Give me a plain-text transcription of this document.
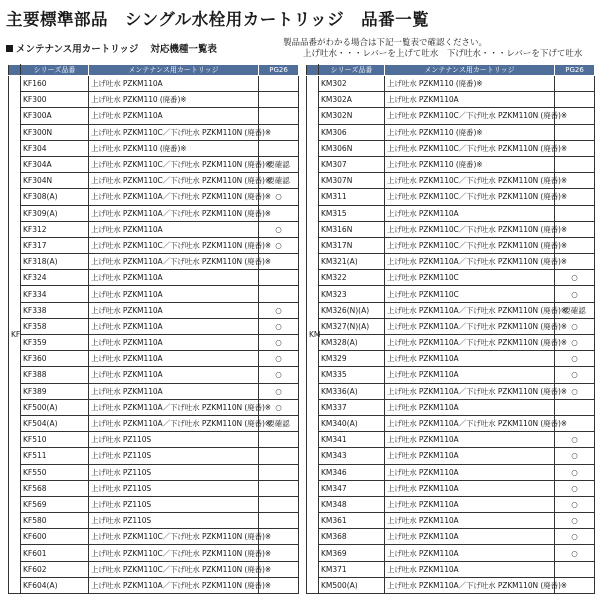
主要標準部品　シングル水栓用カートリッジ　品番一覧
メンテナンス用カートリッジ 対応機種一覧表
製品品番がわかる場合は下記一覧表で確認ください。
上げ吐水・・・レバーを上げて吐水　下げ吐水・・・レバーを下げて吐水
	シリーズ品番	メンテナンス用カートリッジ	PG26
KF	KF160	上げ吐水 PZKM110A	
	KF300	上げ吐水 PZKM110 (廃番)※	
	KF300A	上げ吐水 PZKM110A	
	KF300N	上げ吐水 PZKM110C／下げ吐水 PZKM110N (廃番)※	
	KF304	上げ吐水 PZKM110 (廃番)※	
	KF304A	上げ吐水 PZKM110C／下げ吐水 PZKM110N (廃番)※	要確認
	KF304N	上げ吐水 PZKM110C／下げ吐水 PZKM110N (廃番)※	要確認
	KF308(A)	上げ吐水 PZKM110A／下げ吐水 PZKM110N (廃番)※	○
	KF309(A)	上げ吐水 PZKM110A／下げ吐水 PZKM110N (廃番)※	
	KF312	上げ吐水 PZKM110A	○
	KF317	上げ吐水 PZKM110C／下げ吐水 PZKM110N (廃番)※	○
	KF318(A)	上げ吐水 PZKM110A／下げ吐水 PZKM110N (廃番)※	
	KF324	上げ吐水 PZKM110A	
	KF334	上げ吐水 PZKM110A	
	KF338	上げ吐水 PZKM110A	○
	KF358	上げ吐水 PZKM110A	○
	KF359	上げ吐水 PZKM110A	○
	KF360	上げ吐水 PZKM110A	○
	KF388	上げ吐水 PZKM110A	○
	KF389	上げ吐水 PZKM110A	○
	KF500(A)	上げ吐水 PZKM110A／下げ吐水 PZKM110N (廃番)※	○
	KF504(A)	上げ吐水 PZKM110A／下げ吐水 PZKM110N (廃番)※	要確認
	KF510	上げ吐水 PZ110S	
	KF511	上げ吐水 PZ110S	
	KF550	上げ吐水 PZ110S	
	KF568	上げ吐水 PZ110S	
	KF569	上げ吐水 PZ110S	
	KF580	上げ吐水 PZ110S	
	KF600	上げ吐水 PZKM110C／下げ吐水 PZKM110N (廃番)※	
	KF601	上げ吐水 PZKM110C／下げ吐水 PZKM110N (廃番)※	
	KF602	上げ吐水 PZKM110C／下げ吐水 PZKM110N (廃番)※	
	KF604(A)	上げ吐水 PZKM110A／下げ吐水 PZKM110N (廃番)※	
	シリーズ品番	メンテナンス用カートリッジ	PG26
KM	KM302	上げ吐水 PZKM110 (廃番)※	
	KM302A	上げ吐水 PZKM110A	
	KM302N	上げ吐水 PZKM110C／下げ吐水 PZKM110N (廃番)※	
	KM306	上げ吐水 PZKM110 (廃番)※	
	KM306N	上げ吐水 PZKM110C／下げ吐水 PZKM110N (廃番)※	
	KM307	上げ吐水 PZKM110 (廃番)※	
	KM307N	上げ吐水 PZKM110C／下げ吐水 PZKM110N (廃番)※	
	KM311	上げ吐水 PZKM110C／下げ吐水 PZKM110N (廃番)※	
	KM315	上げ吐水 PZKM110A	
	KM316N	上げ吐水 PZKM110C／下げ吐水 PZKM110N (廃番)※	
	KM317N	上げ吐水 PZKM110C／下げ吐水 PZKM110N (廃番)※	
	KM321(A)	上げ吐水 PZKM110A／下げ吐水 PZKM110N (廃番)※	
	KM322	上げ吐水 PZKM110C	○
	KM323	上げ吐水 PZKM110C	○
	KM326(N)(A)	上げ吐水 PZKM110A／下げ吐水 PZKM110N (廃番)※	要確認
	KM327(N)(A)	上げ吐水 PZKM110A／下げ吐水 PZKM110N (廃番)※	○
	KM328(A)	上げ吐水 PZKM110A／下げ吐水 PZKM110N (廃番)※	○
	KM329	上げ吐水 PZKM110A	○
	KM335	上げ吐水 PZKM110A	○
	KM336(A)	上げ吐水 PZKM110A／下げ吐水 PZKM110N (廃番)※	○
	KM337	上げ吐水 PZKM110A	
	KM340(A)	上げ吐水 PZKM110A／下げ吐水 PZKM110N (廃番)※	
	KM341	上げ吐水 PZKM110A	○
	KM343	上げ吐水 PZKM110A	○
	KM346	上げ吐水 PZKM110A	○
	KM347	上げ吐水 PZKM110A	○
	KM348	上げ吐水 PZKM110A	○
	KM361	上げ吐水 PZKM110A	○
	KM368	上げ吐水 PZKM110A	○
	KM369	上げ吐水 PZKM110A	○
	KM371	上げ吐水 PZKM110A	
	KM500(A)	上げ吐水 PZKM110A／下げ吐水 PZKM110N (廃番)※	
